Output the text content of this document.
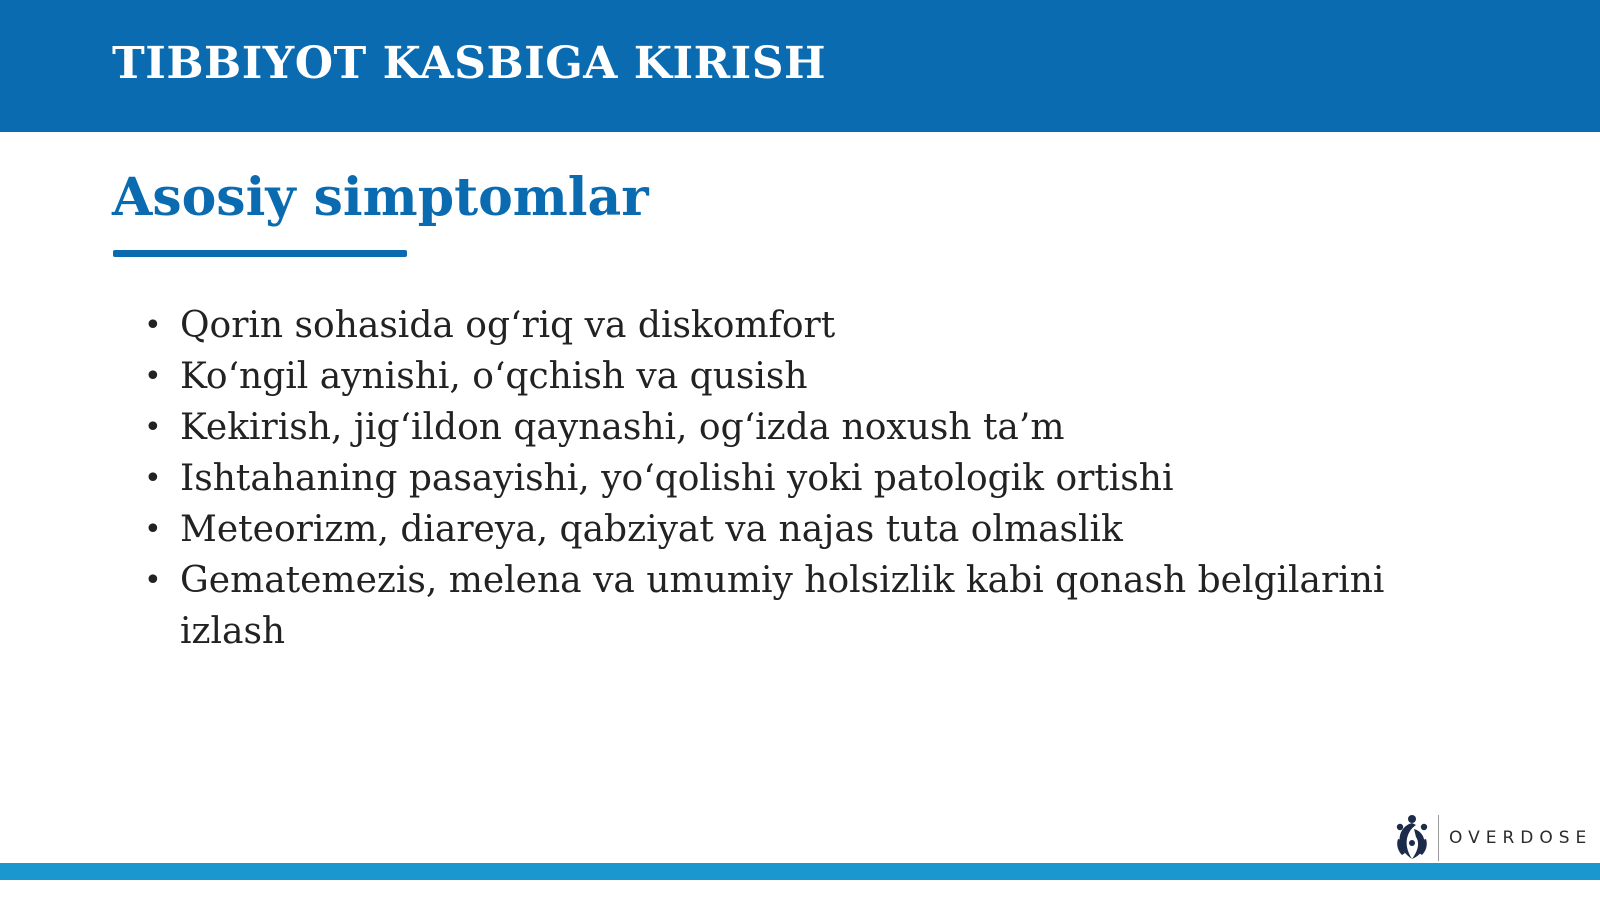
TIBBIYOT KASBIGA KIRISH
Asosiy simptomlar
• Qorin sohasida og‘riq va diskomfort
• Ko‘ngil aynishi, o‘qchish va qusish
• Kekirish, jig‘ildon qaynashi, og‘izda noxush ta’m
• Ishtahaning pasayishi, yo‘qolishi yoki patologik ortishi
• Meteorizm, diareya, qabziyat va najas tuta olmaslik
• Gematemezis, melena va umumiy holsizlik kabi qonash belgilarini izlash
OVERDOSE
